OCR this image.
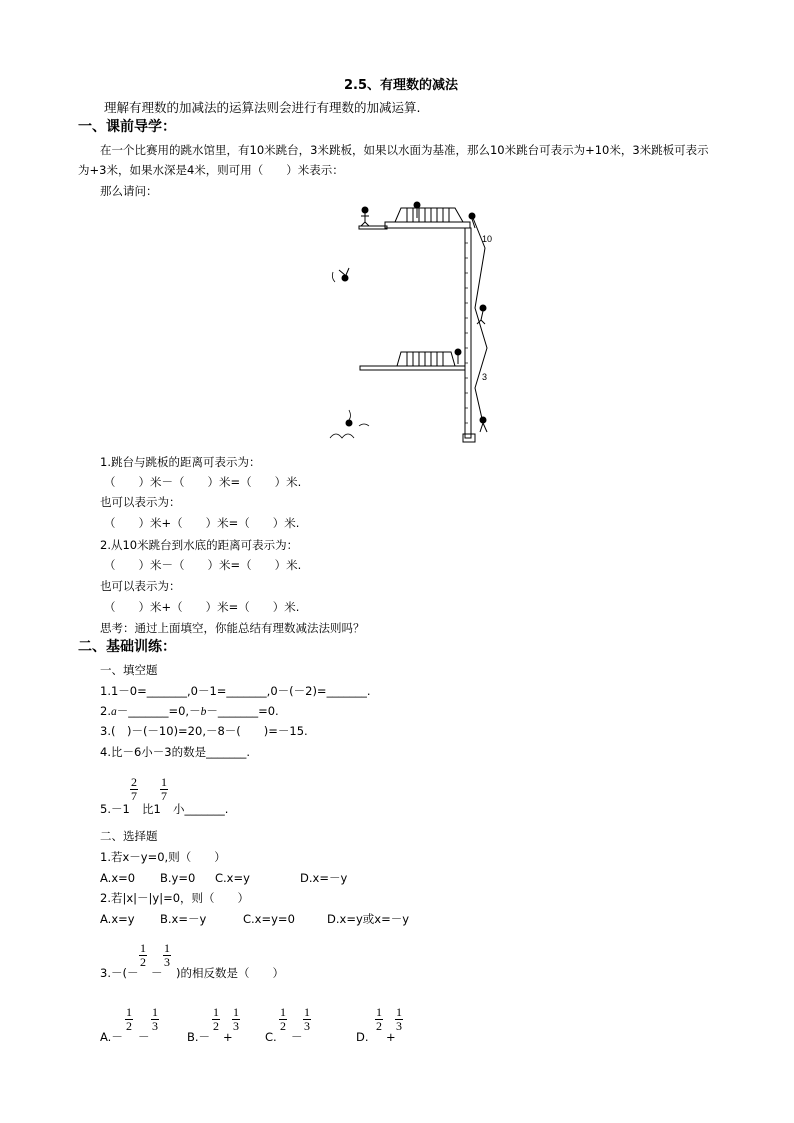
2.5、有理数的减法
理解有理数的加减法的运算法则会进行有理数的加减运算.
一、课前导学：
在一个比赛用的跳水馆里，有10米跳台，3米跳板，如果以水面为基准，那么10米跳台可表示为+10米，3米跳板可表示
为+3米，如果水深是4米，则可用（　　）米表示：
那么请问：
10
3
1.跳台与跳板的距离可表示为：
（　　）米－（　　）米=（　　）米.
也可以表示为：
（　　）米+（　　）米=（　　）米.
2.从10米跳台到水底的距离可表示为：
（　　）米－（　　）米=（　　）米.
也可以表示为：
（　　）米+（　　）米=（　　）米.
思考：通过上面填空，你能总结有理数减法法则吗？
二、基础训练：
一、填空题
1.1－0=_______,0－1=_______,0－(－2)=_______.
2.a－_______=0,－b－_______=0.
3.(　)－(－10)=20,－8－(　　)=－15.
4.比－6小－3的数是_______.
5.－1
2
7
比1
1
7
小_______.
二、选择题
1.若x－y=0,则（　　）
A.x=0 B.y=0 C.x=y	D.x=－y
2.若|x|－|y|=0，则（　　）
A.x=y B.x=－y	C.x=y=0	D.x=y或x=－y
3.－(－
1
2
－
1
3
)的相反数是（　　）
A.－
1
2
－
1
3
B.－
1
2
+
1
3
C.
1
2
－
1
3
D.
1
2
+
1
3
